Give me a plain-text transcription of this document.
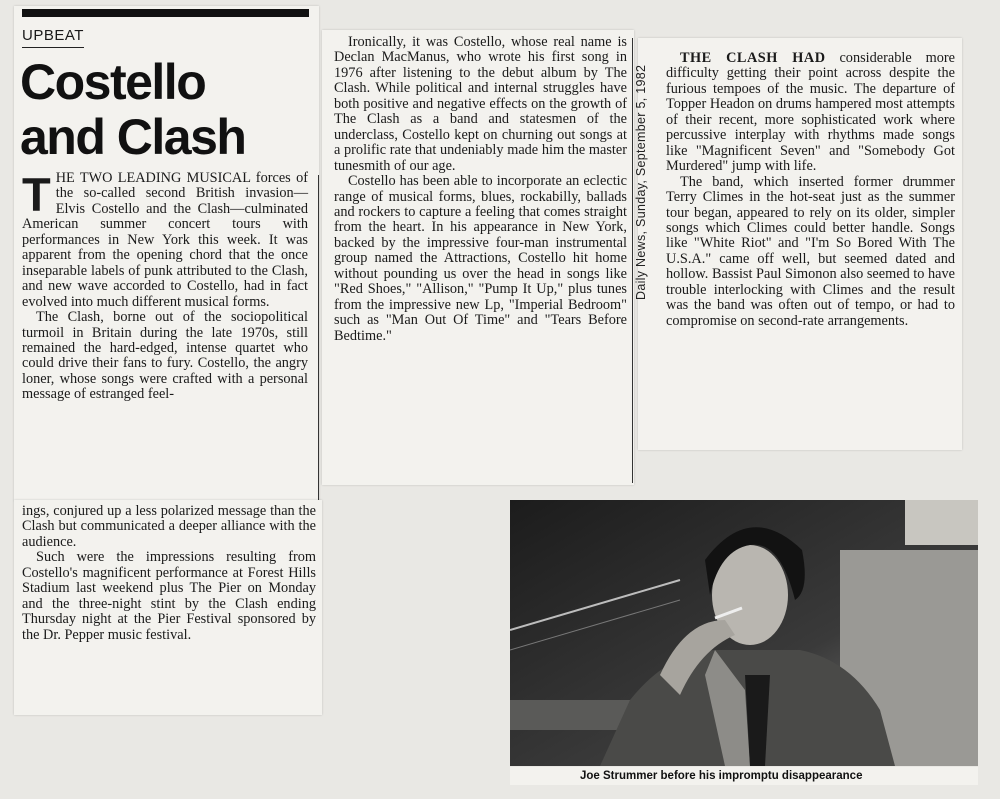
UPBEAT
Costello
and Clash

THE TWO LEADING MUSICAL forces of the so-called second British invasion—Elvis Costello and the Clash—culminated American summer concert tours with performances in New York this week. It was apparent from the opening chord that the once inseparable labels of punk attributed to the Clash, and new wave accorded to Costello, had in fact evolved into much different musical forms.

The Clash, borne out of the sociopolitical turmoil in Britain during the late 1970s, still remained the hard-edged, intense quartet who could drive their fans to fury. Costello, the angry loner, whose songs were crafted with a personal message of estranged feel-

ings, conjured up a less polarized message than the Clash but communicated a deeper alliance with the audience.

Such were the impressions resulting from Costello's magnificent performance at Forest Hills Stadium last weekend plus The Pier on Monday and the three-night stint by the Clash ending Thursday night at the Pier Festival sponsored by the Dr. Pepper music festival.

Ironically, it was Costello, whose real name is Declan MacManus, who wrote his first song in 1976 after listening to the debut album by The Clash. While political and internal struggles have both positive and negative effects on the growth of The Clash as a band and statesmen of the underclass, Costello kept on churning out songs at a prolific rate that undeniably made him the master tunesmith of our age.

Costello has been able to incorporate an eclectic range of musical forms, blues, rockabilly, ballads and rockers to capture a feeling that comes straight from the heart. In his appearance in New York, backed by the impressive four-man instrumental group named the Attractions, Costello hit home without pounding us over the head in songs like "Red Shoes," "Allison," "Pump It Up," plus tunes from the impressive new Lp, "Imperial Bedroom" such as "Man Out Of Time" and "Tears Before Bedtime."

Daily News, Sunday, September 5, 1982

THE CLASH HAD considerable more difficulty getting their point across despite the furious tempoes of the music. The departure of Topper Headon on drums hampered most attempts of their recent, more sophisticated work where percussive interplay with rhythms made songs like "Magnificent Seven" and "Somebody Got Murdered" jump with life.

The band, which inserted former drummer Terry Climes in the hot-seat just as the summer tour began, appeared to rely on its older, simpler songs which Climes could better handle. Songs like "White Riot" and "I'm So Bored With The U.S.A." came off well, but seemed dated and hollow. Bassist Paul Simonon also seemed to have trouble interlocking with Climes and the result was the band was often out of tempo, or had to compromise on second-rate arrangements.

Joe Strummer before his impromptu disappearance
